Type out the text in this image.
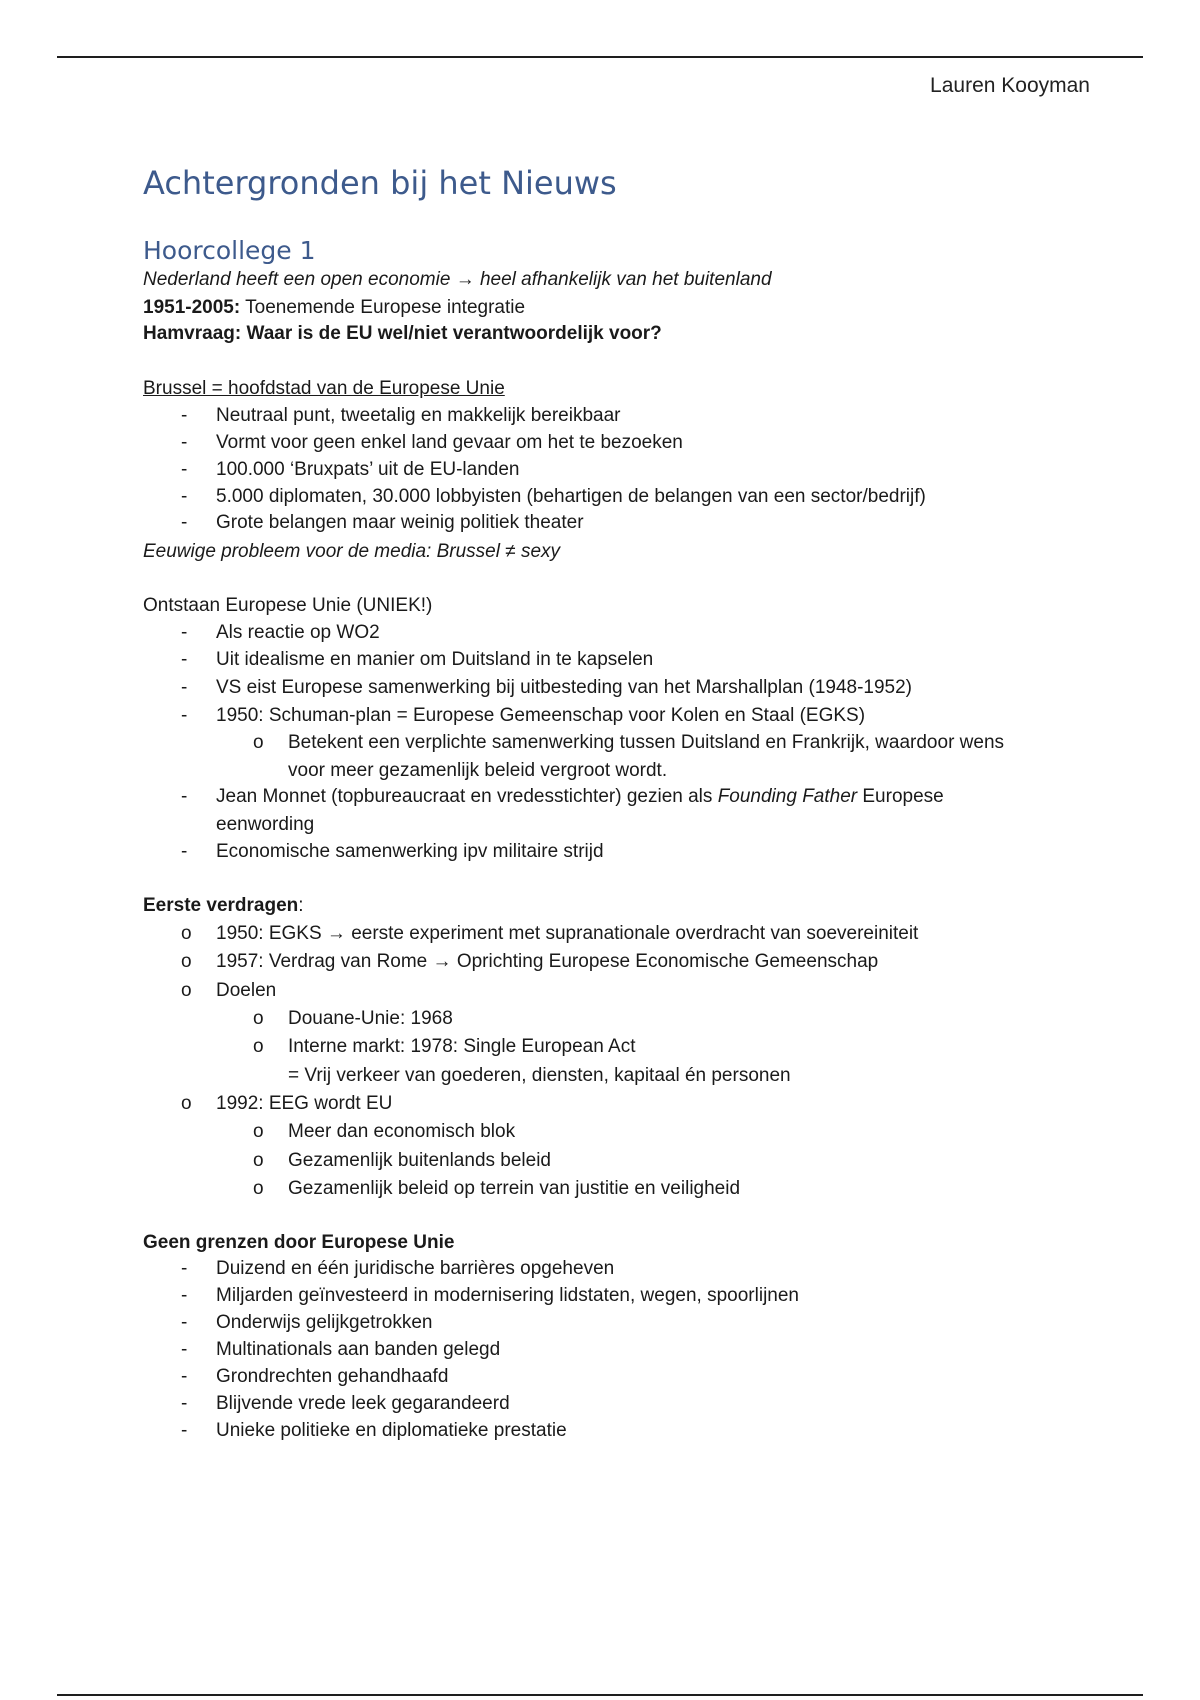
Lauren Kooyman
Achtergronden bij het Nieuws
Hoorcollege 1
Nederland heeft een open economie → heel afhankelijk van het buitenland
1951-2005: Toenemende Europese integratie
Hamvraag: Waar is de EU wel/niet verantwoordelijk voor?
Brussel = hoofdstad van de Europese Unie
- Neutraal punt, tweetalig en makkelijk bereikbaar
- Vormt voor geen enkel land gevaar om het te bezoeken
- 100.000 ‘Bruxpats’ uit de EU-landen
- 5.000 diplomaten, 30.000 lobbyisten (behartigen de belangen van een sector/bedrijf)
- Grote belangen maar weinig politiek theater
Eeuwige probleem voor de media: Brussel ≠ sexy
Ontstaan Europese Unie (UNIEK!)
- Als reactie op WO2
- Uit idealisme en manier om Duitsland in te kapselen
- VS eist Europese samenwerking bij uitbesteding van het Marshallplan (1948-1952)
- 1950: Schuman-plan = Europese Gemeenschap voor Kolen en Staal (EGKS)
o Betekent een verplichte samenwerking tussen Duitsland en Frankrijk, waardoor wens
voor meer gezamenlijk beleid vergroot wordt.
- Jean Monnet (topbureaucraat en vredesstichter) gezien als Founding Father Europese
eenwording
- Economische samenwerking ipv militaire strijd
Eerste verdragen:
o 1950: EGKS → eerste experiment met supranationale overdracht van soevereiniteit
o 1957: Verdrag van Rome → Oprichting Europese Economische Gemeenschap
o Doelen
o Douane-Unie: 1968
o Interne markt: 1978: Single European Act
= Vrij verkeer van goederen, diensten, kapitaal én personen
o 1992: EEG wordt EU
o Meer dan economisch blok
o Gezamenlijk buitenlands beleid
o Gezamenlijk beleid op terrein van justitie en veiligheid
Geen grenzen door Europese Unie
- Duizend en één juridische barrières opgeheven
- Miljarden geïnvesteerd in modernisering lidstaten, wegen, spoorlijnen
- Onderwijs gelijkgetrokken
- Multinationals aan banden gelegd
- Grondrechten gehandhaafd
- Blijvende vrede leek gegarandeerd
- Unieke politieke en diplomatieke prestatie
